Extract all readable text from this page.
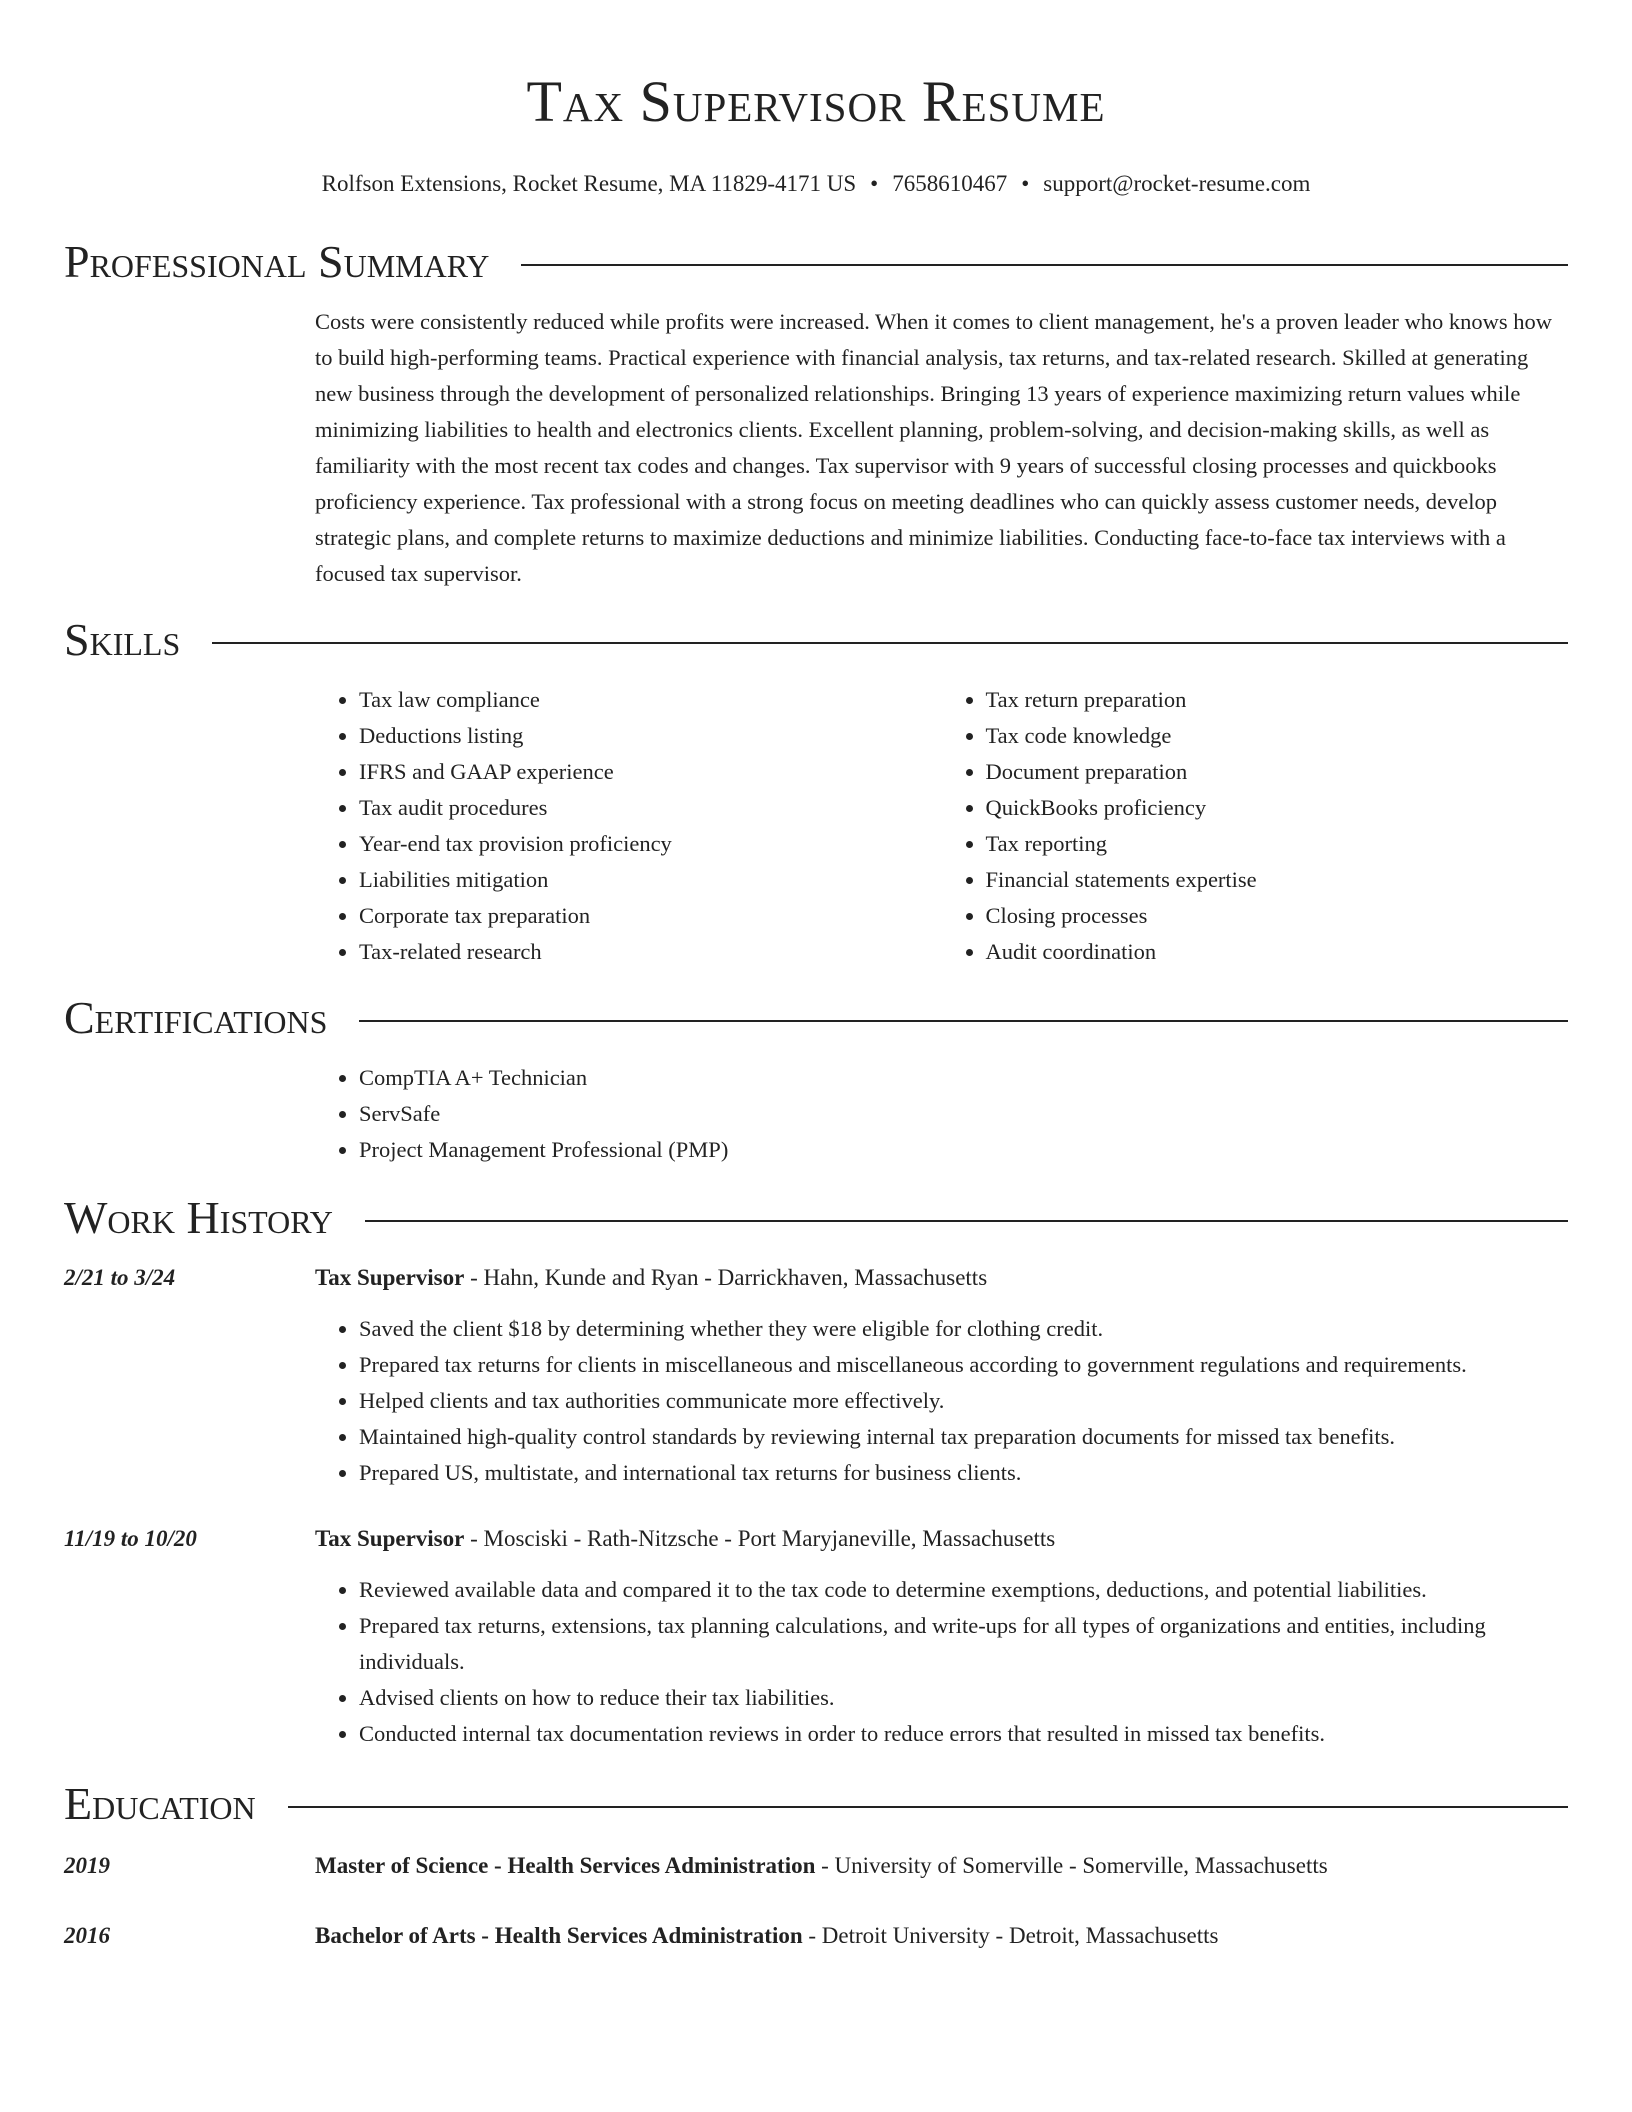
Tax Supervisor Resume
Rolfson Extensions, Rocket Resume, MA 11829-4171 US • 7658610467 • support@rocket-resume.com
Professional Summary
Costs were consistently reduced while profits were increased. When it comes to client management, he's a proven leader who knows how to build high-performing teams. Practical experience with financial analysis, tax returns, and tax-related research. Skilled at generating new business through the development of personalized relationships. Bringing 13 years of experience maximizing return values while minimizing liabilities to health and electronics clients. Excellent planning, problem-solving, and decision-making skills, as well as familiarity with the most recent tax codes and changes. Tax supervisor with 9 years of successful closing processes and quickbooks proficiency experience. Tax professional with a strong focus on meeting deadlines who can quickly assess customer needs, develop strategic plans, and complete returns to maximize deductions and minimize liabilities. Conducting face-to-face tax interviews with a focused tax supervisor.
Skills
• Tax law compliance
• Deductions listing
• IFRS and GAAP experience
• Tax audit procedures
• Year-end tax provision proficiency
• Liabilities mitigation
• Corporate tax preparation
• Tax-related research
• Tax return preparation
• Tax code knowledge
• Document preparation
• QuickBooks proficiency
• Tax reporting
• Financial statements expertise
• Closing processes
• Audit coordination
Certifications
• CompTIA A+ Technician
• ServSafe
• Project Management Professional (PMP)
Work History
2/21 to 3/24	Tax Supervisor - Hahn, Kunde and Ryan - Darrickhaven, Massachusetts
• Saved the client $18 by determining whether they were eligible for clothing credit.
• Prepared tax returns for clients in miscellaneous and miscellaneous according to government regulations and requirements.
• Helped clients and tax authorities communicate more effectively.
• Maintained high-quality control standards by reviewing internal tax preparation documents for missed tax benefits.
• Prepared US, multistate, and international tax returns for business clients.
11/19 to 10/20	Tax Supervisor - Mosciski - Rath-Nitzsche - Port Maryjaneville, Massachusetts
• Reviewed available data and compared it to the tax code to determine exemptions, deductions, and potential liabilities.
• Prepared tax returns, extensions, tax planning calculations, and write-ups for all types of organizations and entities, including individuals.
• Advised clients on how to reduce their tax liabilities.
• Conducted internal tax documentation reviews in order to reduce errors that resulted in missed tax benefits.
Education
2019	Master of Science - Health Services Administration - University of Somerville - Somerville, Massachusetts
2016	Bachelor of Arts - Health Services Administration - Detroit University - Detroit, Massachusetts
